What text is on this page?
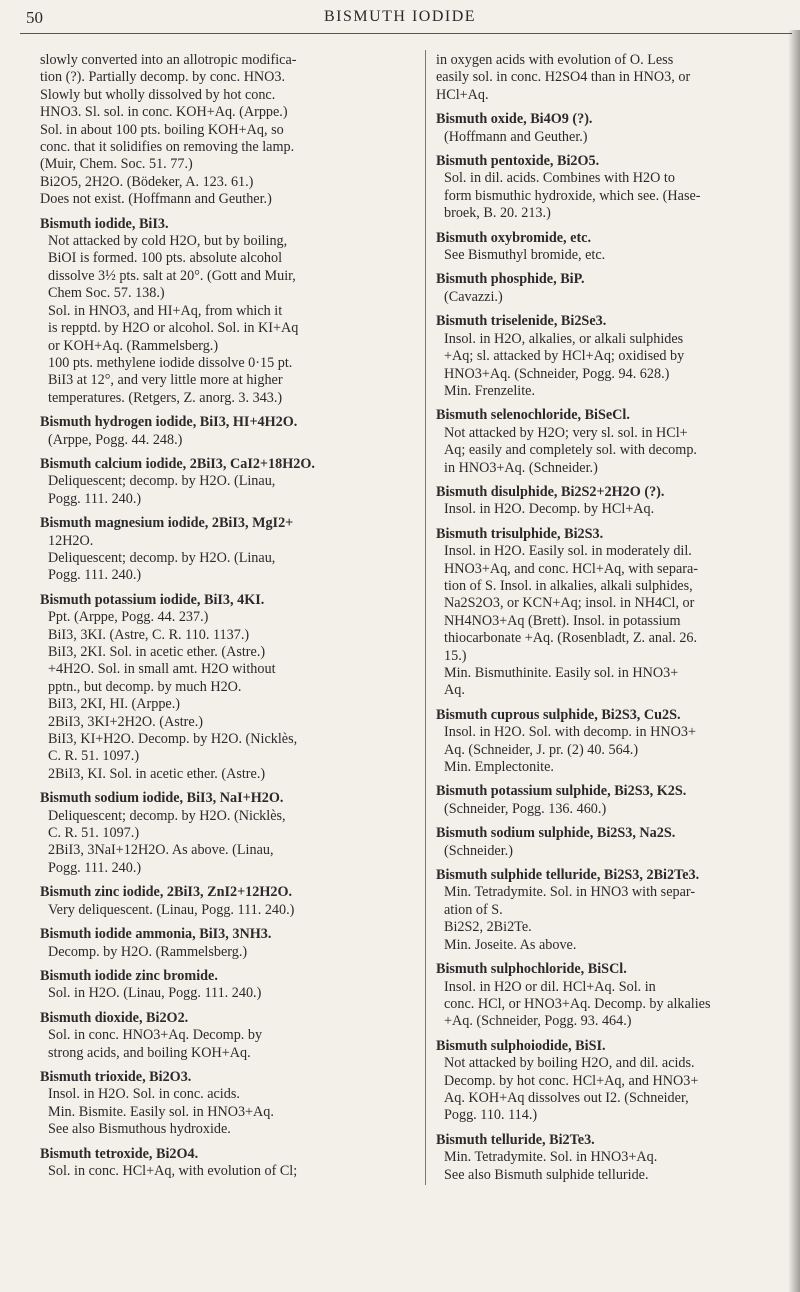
50	BISMUTH IODIDE
slowly converted into an allotropic modifica-
tion (?). Partially decomp. by conc. HNO3.
Slowly but wholly dissolved by hot conc.
HNO3. Sl. sol. in conc. KOH+Aq. (Arppe.)
Sol. in about 100 pts. boiling KOH+Aq, so
conc. that it solidifies on removing the lamp.
(Muir, Chem. Soc. 51. 77.)
Bi2O5, 2H2O. (Bödeker, A. 123. 61.)
Does not exist. (Hoffmann and Geuther.)
Bismuth iodide, BiI3.
Not attacked by cold H2O, but by boiling,
BiOI is formed. 100 pts. absolute alcohol
dissolve 3½ pts. salt at 20°. (Gott and Muir,
Chem Soc. 57. 138.)
Sol. in HNO3, and HI+Aq, from which it
is repptd. by H2O or alcohol. Sol. in KI+Aq
or KOH+Aq. (Rammelsberg.)
100 pts. methylene iodide dissolve 0·15 pt.
BiI3 at 12°, and very little more at higher
temperatures. (Retgers, Z. anorg. 3. 343.)
Bismuth hydrogen iodide, BiI3, HI+4H2O.
(Arppe, Pogg. 44. 248.)
Bismuth calcium iodide, 2BiI3, CaI2+18H2O.
Deliquescent; decomp. by H2O. (Linau,
Pogg. 111. 240.)
Bismuth magnesium iodide, 2BiI3, MgI2+
12H2O.
Deliquescent; decomp. by H2O. (Linau,
Pogg. 111. 240.)
Bismuth potassium iodide, BiI3, 4KI.
Ppt. (Arppe, Pogg. 44. 237.)
BiI3, 3KI. (Astre, C. R. 110. 1137.)
BiI3, 2KI. Sol. in acetic ether. (Astre.)
+4H2O. Sol. in small amt. H2O without
pptn., but decomp. by much H2O.
BiI3, 2KI, HI. (Arppe.)
2BiI3, 3KI+2H2O. (Astre.)
BiI3, KI+H2O. Decomp. by H2O. (Nicklès,
C. R. 51. 1097.)
2BiI3, KI. Sol. in acetic ether. (Astre.)
Bismuth sodium iodide, BiI3, NaI+H2O.
Deliquescent; decomp. by H2O. (Nicklès,
C. R. 51. 1097.)
2BiI3, 3NaI+12H2O. As above. (Linau,
Pogg. 111. 240.)
Bismuth zinc iodide, 2BiI3, ZnI2+12H2O.
Very deliquescent. (Linau, Pogg. 111. 240.)
Bismuth iodide ammonia, BiI3, 3NH3.
Decomp. by H2O. (Rammelsberg.)
Bismuth iodide zinc bromide.
Sol. in H2O. (Linau, Pogg. 111. 240.)
Bismuth dioxide, Bi2O2.
Sol. in conc. HNO3+Aq. Decomp. by
strong acids, and boiling KOH+Aq.
Bismuth trioxide, Bi2O3.
Insol. in H2O. Sol. in conc. acids.
Min. Bismite. Easily sol. in HNO3+Aq.
See also Bismuthous hydroxide.
Bismuth tetroxide, Bi2O4.
Sol. in conc. HCl+Aq, with evolution of Cl;
in oxygen acids with evolution of O. Less
easily sol. in conc. H2SO4 than in HNO3, or
HCl+Aq.
Bismuth oxide, Bi4O9 (?).
(Hoffmann and Geuther.)
Bismuth pentoxide, Bi2O5.
Sol. in dil. acids. Combines with H2O to
form bismuthic hydroxide, which see. (Hase-
broek, B. 20. 213.)
Bismuth oxybromide, etc.
See Bismuthyl bromide, etc.
Bismuth phosphide, BiP.
(Cavazzi.)
Bismuth triselenide, Bi2Se3.
Insol. in H2O, alkalies, or alkali sulphides
+Aq; sl. attacked by HCl+Aq; oxidised by
HNO3+Aq. (Schneider, Pogg. 94. 628.)
Min. Frenzelite.
Bismuth selenochloride, BiSeCl.
Not attacked by H2O; very sl. sol. in HCl+
Aq; easily and completely sol. with decomp.
in HNO3+Aq. (Schneider.)
Bismuth disulphide, Bi2S2+2H2O (?).
Insol. in H2O. Decomp. by HCl+Aq.
Bismuth trisulphide, Bi2S3.
Insol. in H2O. Easily sol. in moderately dil.
HNO3+Aq, and conc. HCl+Aq, with separa-
tion of S. Insol. in alkalies, alkali sulphides,
Na2S2O3, or KCN+Aq; insol. in NH4Cl, or
NH4NO3+Aq (Brett). Insol. in potassium
thiocarbonate +Aq. (Rosenbladt, Z. anal. 26.
15.)
Min. Bismuthinite. Easily sol. in HNO3+
Aq.
Bismuth cuprous sulphide, Bi2S3, Cu2S.
Insol. in H2O. Sol. with decomp. in HNO3+
Aq. (Schneider, J. pr. (2) 40. 564.)
Min. Emplectonite.
Bismuth potassium sulphide, Bi2S3, K2S.
(Schneider, Pogg. 136. 460.)
Bismuth sodium sulphide, Bi2S3, Na2S.
(Schneider.)
Bismuth sulphide telluride, Bi2S3, 2Bi2Te3.
Min. Tetradymite. Sol. in HNO3 with separ-
ation of S.
Bi2S2, 2Bi2Te.
Min. Joseite. As above.
Bismuth sulphochloride, BiSCl.
Insol. in H2O or dil. HCl+Aq. Sol. in
conc. HCl, or HNO3+Aq. Decomp. by alkalies
+Aq. (Schneider, Pogg. 93. 464.)
Bismuth sulphoiodide, BiSI.
Not attacked by boiling H2O, and dil. acids.
Decomp. by hot conc. HCl+Aq, and HNO3+
Aq. KOH+Aq dissolves out I2. (Schneider,
Pogg. 110. 114.)
Bismuth telluride, Bi2Te3.
Min. Tetradymite. Sol. in HNO3+Aq.
See also Bismuth sulphide telluride.
